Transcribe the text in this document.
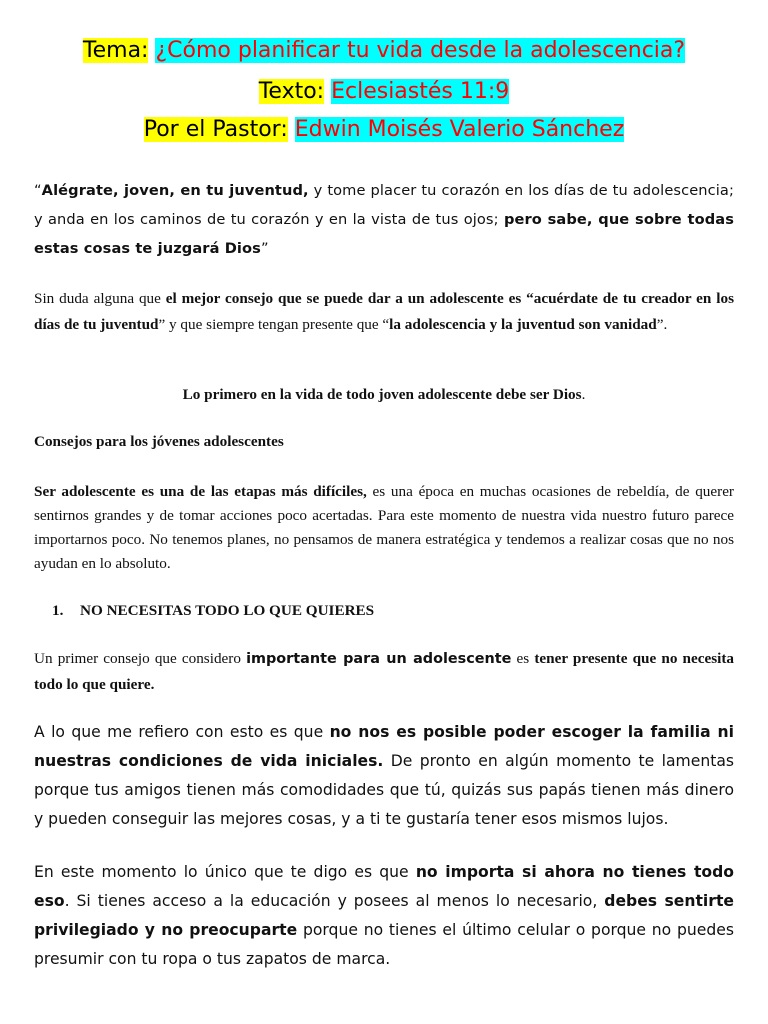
Tema: ¿Cómo planificar tu vida desde la adolescencia?
Texto: Eclesiastés 11:9
Por el Pastor: Edwin Moisés Valerio Sánchez

“Alégrate, joven, en tu juventud, y tome placer tu corazón en los días de tu adolescencia; y anda en los caminos de tu corazón y en la vista de tus ojos; pero sabe, que sobre todas estas cosas te juzgará Dios”

Sin duda alguna que el mejor consejo que se puede dar a un adolescente es “acuérdate de tu creador en los días de tu juventud” y que siempre tengan presente que “la adolescencia y la juventud son vanidad”.

Lo primero en la vida de todo joven adolescente debe ser Dios.

Consejos para los jóvenes adolescentes

Ser adolescente es una de las etapas más difíciles, es una época en muchas ocasiones de rebeldía, de querer sentirnos grandes y de tomar acciones poco acertadas. Para este momento de nuestra vida nuestro futuro parece importarnos poco. No tenemos planes, no pensamos de manera estratégica y tendemos a realizar cosas que no nos ayudan en lo absoluto.

1. NO NECESITAS TODO LO QUE QUIERES

Un primer consejo que considero importante para un adolescente es tener presente que no necesita todo lo que quiere.

A lo que me refiero con esto es que no nos es posible poder escoger la familia ni nuestras condiciones de vida iniciales. De pronto en algún momento te lamentas porque tus amigos tienen más comodidades que tú, quizás sus papás tienen más dinero y pueden conseguir las mejores cosas, y a ti te gustaría tener esos mismos lujos.

En este momento lo único que te digo es que no importa si ahora no tienes todo eso. Si tienes acceso a la educación y posees al menos lo necesario, debes sentirte privilegiado y no preocuparte porque no tienes el último celular o porque no puedes presumir con tu ropa o tus zapatos de marca.
